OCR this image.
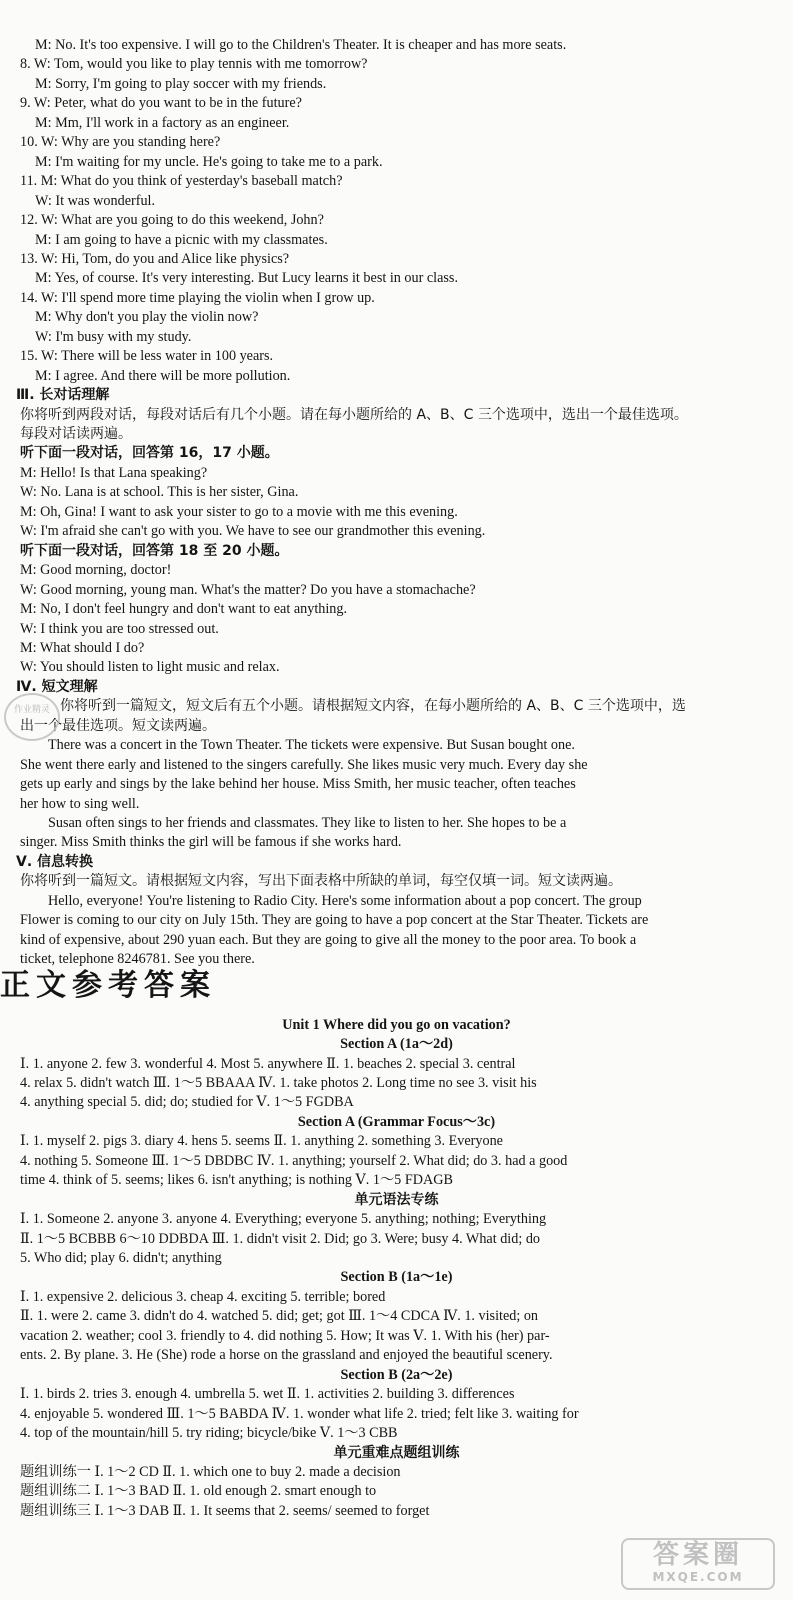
M: No. It's too expensive. I will go to the Children's Theater. It is cheaper and has more seats.
8. W: Tom, would you like to play tennis with me tomorrow?
M: Sorry, I'm going to play soccer with my friends.
9. W: Peter, what do you want to be in the future?
M: Mm, I'll work in a factory as an engineer.
10. W: Why are you standing here?
M: I'm waiting for my uncle. He's going to take me to a park.
11. M: What do you think of yesterday's baseball match?
W: It was wonderful.
12. W: What are you going to do this weekend, John?
M: I am going to have a picnic with my classmates.
13. W: Hi, Tom, do you and Alice like physics?
M: Yes, of course. It's very interesting. But Lucy learns it best in our class.
14. W: I'll spend more time playing the violin when I grow up.
M: Why don't you play the violin now?
W: I'm busy with my study.
15. W: There will be less water in 100 years.
M: I agree. And there will be more pollution.
Ⅲ. 长对话理解
你将听到两段对话，每段对话后有几个小题。请在每小题所给的 A、B、C 三个选项中，选出一个最佳选项。
每段对话读两遍。
听下面一段对话，回答第 16，17 小题。
M: Hello! Is that Lana speaking?
W: No. Lana is at school. This is her sister, Gina.
M: Oh, Gina! I want to ask your sister to go to a movie with me this evening.
W: I'm afraid she can't go with you. We have to see our grandmother this evening.
听下面一段对话，回答第 18 至 20 小题。
M: Good morning, doctor!
W: Good morning, young man. What's the matter? Do you have a stomachache?
M: No, I don't feel hungry and don't want to eat anything.
W: I think you are too stressed out.
M: What should I do?
W: You should listen to light music and relax.
Ⅳ. 短文理解
你将听到一篇短文，短文后有五个小题。请根据短文内容，在每小题所给的 A、B、C 三个选项中，选
出一个最佳选项。短文读两遍。
There was a concert in the Town Theater. The tickets were expensive. But Susan bought one.
She went there early and listened to the singers carefully. She likes music very much. Every day she
gets up early and sings by the lake behind her house. Miss Smith, her music teacher, often teaches
her how to sing well.
Susan often sings to her friends and classmates. They like to listen to her. She hopes to be a
singer. Miss Smith thinks the girl will be famous if she works hard.
Ⅴ. 信息转换
你将听到一篇短文。请根据短文内容，写出下面表格中所缺的单词，每空仅填一词。短文读两遍。
Hello, everyone! You're listening to Radio City. Here's some information about a pop concert. The group
Flower is coming to our city on July 15th. They are going to have a pop concert at the Star Theater. Tickets are
kind of expensive, about 290 yuan each. But they are going to give all the money to the poor area. To book a
ticket, telephone 8246781. See you there.
正文参考答案
Unit 1 Where did you go on vacation?
Section A (1a～2d)
Ⅰ. 1. anyone 2. few 3. wonderful 4. Most 5. anywhere Ⅱ. 1. beaches 2. special 3. central
4. relax 5. didn't watch Ⅲ. 1～5 BBAAA Ⅳ. 1. take photos 2. Long time no see 3. visit his
4. anything special 5. did; do; studied for Ⅴ. 1～5 FGDBA
Section A (Grammar Focus～3c)
Ⅰ. 1. myself 2. pigs 3. diary 4. hens 5. seems Ⅱ. 1. anything 2. something 3. Everyone
4. nothing 5. Someone Ⅲ. 1～5 DBDBC Ⅳ. 1. anything; yourself 2. What did; do 3. had a good
time 4. think of 5. seems; likes 6. isn't anything; is nothing Ⅴ. 1～5 FDAGB
单元语法专练
Ⅰ. 1. Someone 2. anyone 3. anyone 4. Everything; everyone 5. anything; nothing; Everything
Ⅱ. 1～5 BCBBB 6～10 DDBDA Ⅲ. 1. didn't visit 2. Did; go 3. Were; busy 4. What did; do
5. Who did; play 6. didn't; anything
Section B (1a～1e)
Ⅰ. 1. expensive 2. delicious 3. cheap 4. exciting 5. terrible; bored
Ⅱ. 1. were 2. came 3. didn't do 4. watched 5. did; get; got Ⅲ. 1～4 CDCA Ⅳ. 1. visited; on
vacation 2. weather; cool 3. friendly to 4. did nothing 5. How; It was Ⅴ. 1. With his (her) par-
ents. 2. By plane. 3. He (She) rode a horse on the grassland and enjoyed the beautiful scenery.
Section B (2a～2e)
Ⅰ. 1. birds 2. tries 3. enough 4. umbrella 5. wet Ⅱ. 1. activities 2. building 3. differences
4. enjoyable 5. wondered Ⅲ. 1～5 BABDA Ⅳ. 1. wonder what life 2. tried; felt like 3. waiting for
4. top of the mountain/hill 5. try riding; bicycle/bike Ⅴ. 1～3 CBB
单元重难点题组训练
题组训练一 Ⅰ. 1～2 CD Ⅱ. 1. which one to buy 2. made a decision
题组训练二 Ⅰ. 1～3 BAD Ⅱ. 1. old enough 2. smart enough to
题组训练三 Ⅰ. 1～3 DAB Ⅱ. 1. It seems that 2. seems/ seemed to forget
作业精灵
答案圈
MXQE.COM
